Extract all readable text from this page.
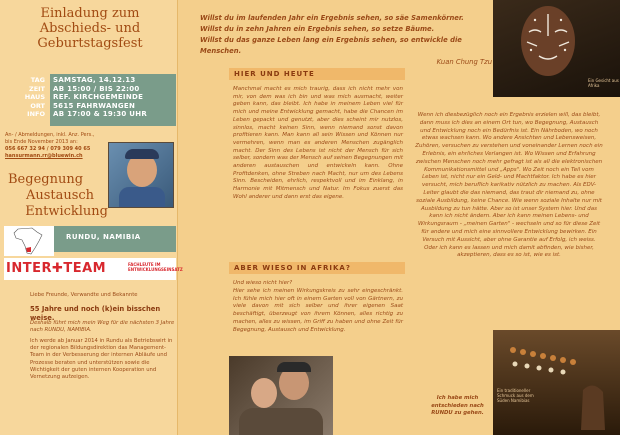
Einladung zum
Abschieds- und
Geburtstagsfest
TAG
ZEIT
HAUS
ORT
INFO
SAMSTAG, 14.12.13
AB 15:00 / BIS 22:00
REF. KIRCHGEMEINDE
5615 FAHRWANGEN
AB 17:00 & 19:30 UHR
An- / Abmeldungen, inkl. Anz. Pers.,
bis Ende November 2013 an:
056 667 32 94 / 079 309 40 65
hansurmann.rr@bluewin.ch
Begegnung
Austausch
Entwicklung
RUNDU, NAMIBIA
INTER✚TEAM	FACHLEUTE IM ENTWICKLUNGSEINSATZ
Liebe Freunde, Verwandte und Bekannte
55 Jahre und noch (k)ein bisschen weise.
Deshalb führt mich mein Weg für die nächsten 3 Jahre nach RUNDU, NAMIBIA.
Ich werde ab Januar 2014 in Rundu als Betriebswirt in der regionalen Bildungsdirektion das Management-Team in der Verbesserung der internen Abläufe und Prozesse beraten und unterstützen sowie die Wichtigkeit der guten internen Kooperation und Vernetzung aufzeigen.
Willst du im laufenden Jahr ein Ergebnis sehen, so säe Samenkörner.
Willst du in zehn Jahren ein Ergebnis sehen, so setze Bäume.
Willst du das ganze Leben lang ein Ergebnis sehen, so entwickle die Menschen.
Kuan Chung Tzu
HIER UND HEUTE
Manchmal macht es mich traurig, dass ich nicht mehr von mir, von dem was ich bin und was mich ausmacht, weiter geben kann, das bleibt. Ich habe in meinem Leben viel für mich und meine Entwicklung gemacht, habe die Chancen im Leben gepackt und genutzt, aber dies scheint mir nutzlos, sinnlos, macht keinen Sinn, wenn niemand sonst davon profitieren kann. Man kann all sein Wissen und Können nur vermehren, wenn man es anderen Menschen zugänglich macht. Der Sinn des Lebens ist nicht der Mensch für sich selber, sondern was der Mensch auf seinen Begegnungen mit anderen austauschen und entwickeln kann. Ohne Profitdenken, ohne Streben nach Macht, nur um des Lebens Sinn. Bescheiden, ehrlich, respektvoll und im Einklang, in Harmonie mit Mitmensch und Natur. Im Fokus zuerst das Wohl anderer und dann erst das eigene.
ABER WIESO IN AFRIKA?
Und wieso nicht hier?
Hier sehe ich meinen Wirkungskreis zu sehr eingeschränkt. Ich fühle mich hier oft in einem Garten voll von Gärtnern, zu viele davon mit sich selber und ihrer eigenen Saat beschäftigt, überzeugt von ihrem Können, alles richtig zu machen, alles zu wissen, im Griff zu haben und ohne Zeit für Begegnung, Austausch und Entwicklung.
Ein Gesicht aus Afrika
Wenn ich diesbezüglich noch ein Ergebnis erzielen will, das bleibt, dann muss ich dies an einem Ort tun, wo Begegnung, Austausch und Entwicklung noch ein Bedürfnis ist. Ein Nährboden, wo noch etwas wachsen kann. Wo andere Ansichten und Lebensweisen, Zuhören, versuchen zu verstehen und voneinander Lernen noch ein Erlebnis, ein ehrliches Verlangen ist. Wo Wissen und Erfahrung zwischen Menschen noch mehr gefragt ist als all die elektronischen Kommunikationsmittel und „Apps". Wo Zeit noch ein Teil vom Leben ist, nicht nur ein Geld- und Machtfaktor. Ich habe es hier versucht, mich beruflich karikativ nützlich zu machen. Als EDV-Leiter glaubt die das niemand, das traut dir niemand zu, ohne soziale Ausbildung, keine Chance. Wie wenn soziale Inhalte nur mit Ausbildung zu tun hätte. Aber so ist unser System hier. Und das kann ich nicht ändern. Aber ich kann meinen Lebens- und Wirkungsraum - „meinen Garten" - wechseln und so für diese Zeit für andere und mich eine sinnvollere Entwicklung bewirken. Ein Versuch mit Aussicht, aber ohne Garantie auf Erfolg, ich weiss. Oder ich kann es lassen und mich damit abfinden, wie bisher, akzeptieren, dass es so ist, wie es ist.
Ich habe mich entschieden nach RUNDU zu gehen.
Ein traditioneller Schmuck aus dem Süden Namibias
